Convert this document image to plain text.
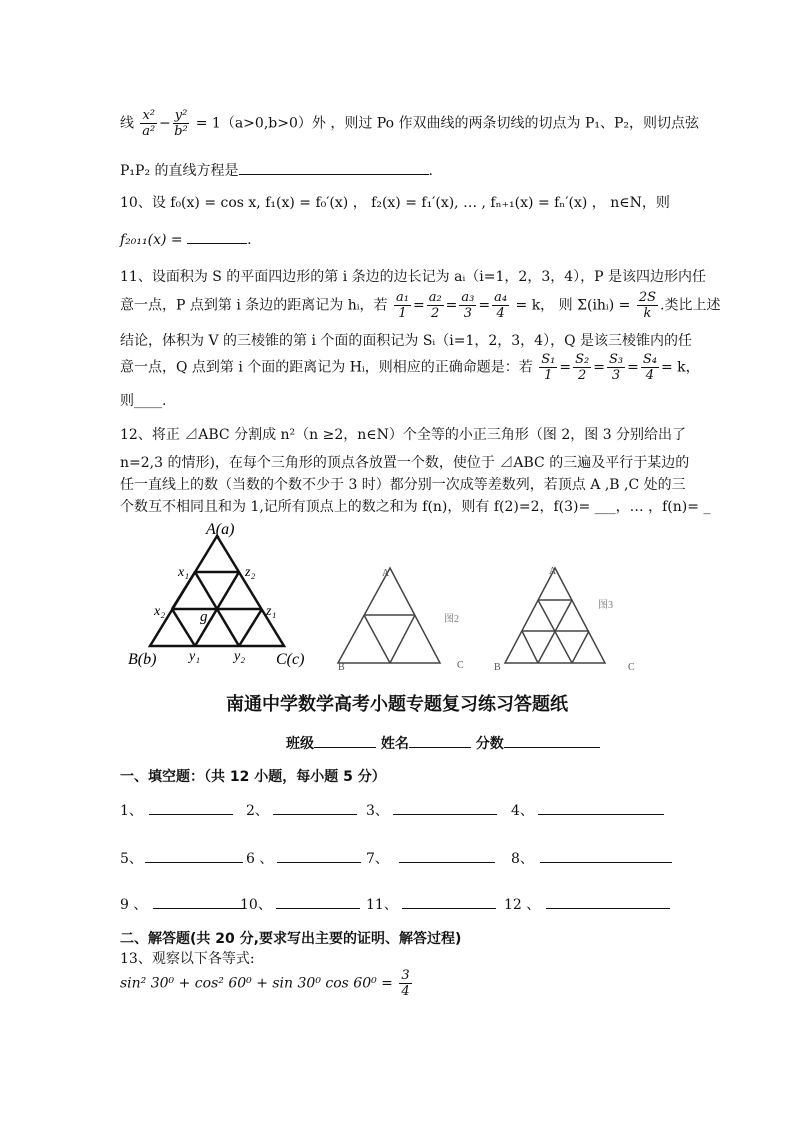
线 $\frac{\text{x²}}{\text{a²}} - \frac{\text{y²}}{\text{b²}} = 1(a>0,b>0)$外 ，则过 Po 作双曲线的两条切线的切点为 P₁、P₂，则切点弦
P₁P₂ 的直线方程是	.
10、设 f₀(x) = cos x, f₁(x) = f₀′(x) ， f₂(x) = f₁′(x), … , fₙ₊₁(x) = fₙ′(x) ， n∈N，则
f₂₀₁₁(x) =	.
11、设面积为 S 的平面四边形的第 i 条边的边长记为 aᵢ（i=1，2，3，4），P 是该四边形内任
意一点，P 点到第 i 条边的距离记为 hᵢ，若 $\frac{\text{a₁}}{1} = \frac{\text{a₂}}{2} = \frac{\text{a₃}}{3} = \frac{\text{a₄}}{4} = k$， 则 Σ(ihᵢ) = $\frac{2S}{k}$ .类比上述
结论，体积为 V 的三棱锥的第 i 个面的面积记为 Sᵢ（i=1，2，3，4），Q 是该三棱锥内的任
意一点，Q 点到第 i 个面的距离记为 Hᵢ，则相应的正确命题是：若 $\frac{\text{S₁}}{1} = \frac{\text{S₂}}{2} = \frac{\text{S₃}}{3} = \frac{\text{S₄}}{4} = k$，
则____.
12、将正 ⊿ABC 分割成 n²（n ≥2，n∈N）个全等的小正三角形（图 2，图 3 分别给出了
n=2,3 的情形)，在每个三角形的顶点各放置一个数，使位于 ⊿ABC 的三遍及平行于某边的
任一直线上的数（当数的个数不少于 3 时）都分别一次成等差数列，若顶点 A ,B ,C 处的三
个数互不相同且和为 1,记所有顶点上的数之和为 f(n)，则有 f(2)=2，f(3)= ___，… ，f(n)= _
A(a)
B(b)	C(c)
x₁
x₂
y₁ y₂
z₁
z₂
g
A
B	C
图2
A
B	C
图3
南通中学数学高考小题专题复习练习答题纸
班级	姓名	分数
一、填空题：（共 12 小题，每小题 5 分）
1、	2、	3、	4、
5、	6 、	7、	8、
9 、	10、	11、	12 、
二、解答题(共 20 分,要求写出主要的证明、解答过程)
13、观察以下各等式:
sin² 30⁰ + cos² 60⁰ + sin 30⁰ $\cos 60^0 = \frac{3}{4}$
